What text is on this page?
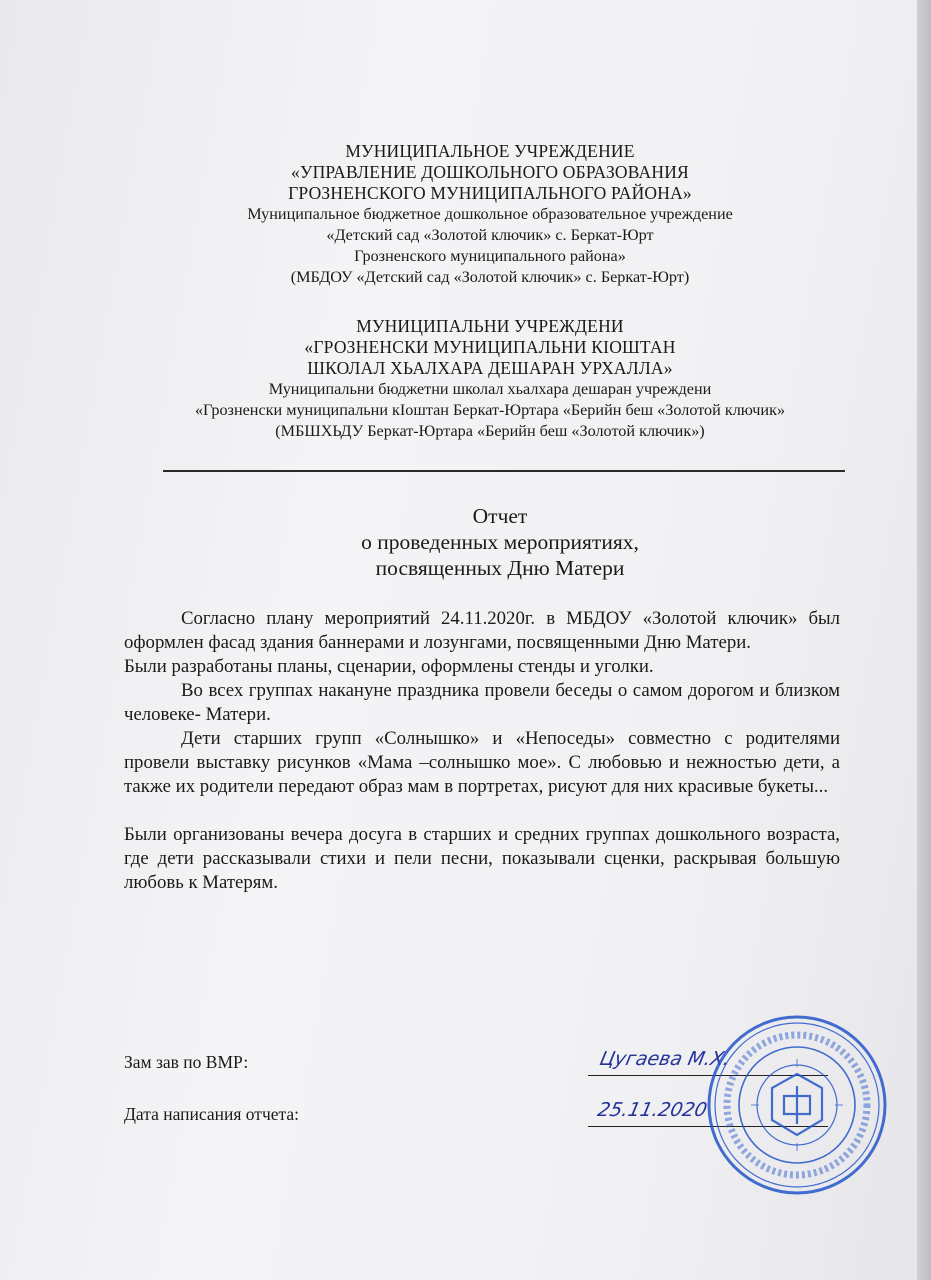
МУНИЦИПАЛЬНОЕ УЧРЕЖДЕНИЕ
«УПРАВЛЕНИЕ ДОШКОЛЬНОГО ОБРАЗОВАНИЯ
ГРОЗНЕНСКОГО МУНИЦИПАЛЬНОГО РАЙОНА»
Муниципальное бюджетное дошкольное образовательное учреждение
«Детский сад «Золотой ключик» с. Беркат-Юрт
Грозненского муниципального района»
(МБДОУ «Детский сад «Золотой ключик» с. Беркат-Юрт)
МУНИЦИПАЛЬНИ УЧРЕЖДЕНИ
«ГРОЗНЕНСКИ МУНИЦИПАЛЬНИ КIОШТАН
ШКОЛАЛ ХЬАЛХАРА ДЕШАРАН УРХАЛЛА»
Муниципальни бюджетни школал хьалхара дешаран учреждени
«Грозненски муниципальни кIоштан Беркат-Юртара «Берийн беш «Золотой ключик»
(МБШХЬДУ Беркат-Юртара «Берийн беш «Золотой ключик»)
Отчет
о проведенных мероприятиях,
посвященных Дню Матери

Согласно плану мероприятий 24.11.2020г. в МБДОУ «Золотой ключик» был оформлен фасад здания баннерами и лозунгами, посвященными Дню Матери.

Были разработаны планы, сценарии, оформлены стенды и уголки.

Во всех группах накануне праздника провели беседы о самом дорогом и близком человеке- Матери.

Дети старших групп «Солнышко» и «Непоседы» совместно с родителями провели выставку рисунков «Мама –солнышко мое». С любовью и нежностью дети, а также их родители передают образ мам в портретах, рисуют для них красивые букеты...

Были организованы вечера досуга в старших и средних группах дошкольного возраста, где дети рассказывали стихи и пели песни, показывали сценки, раскрывая большую любовь к Матерям.

Зам зав по ВМР:
Дата написания отчета:
Цугаева М.Х.
25.11.2020
